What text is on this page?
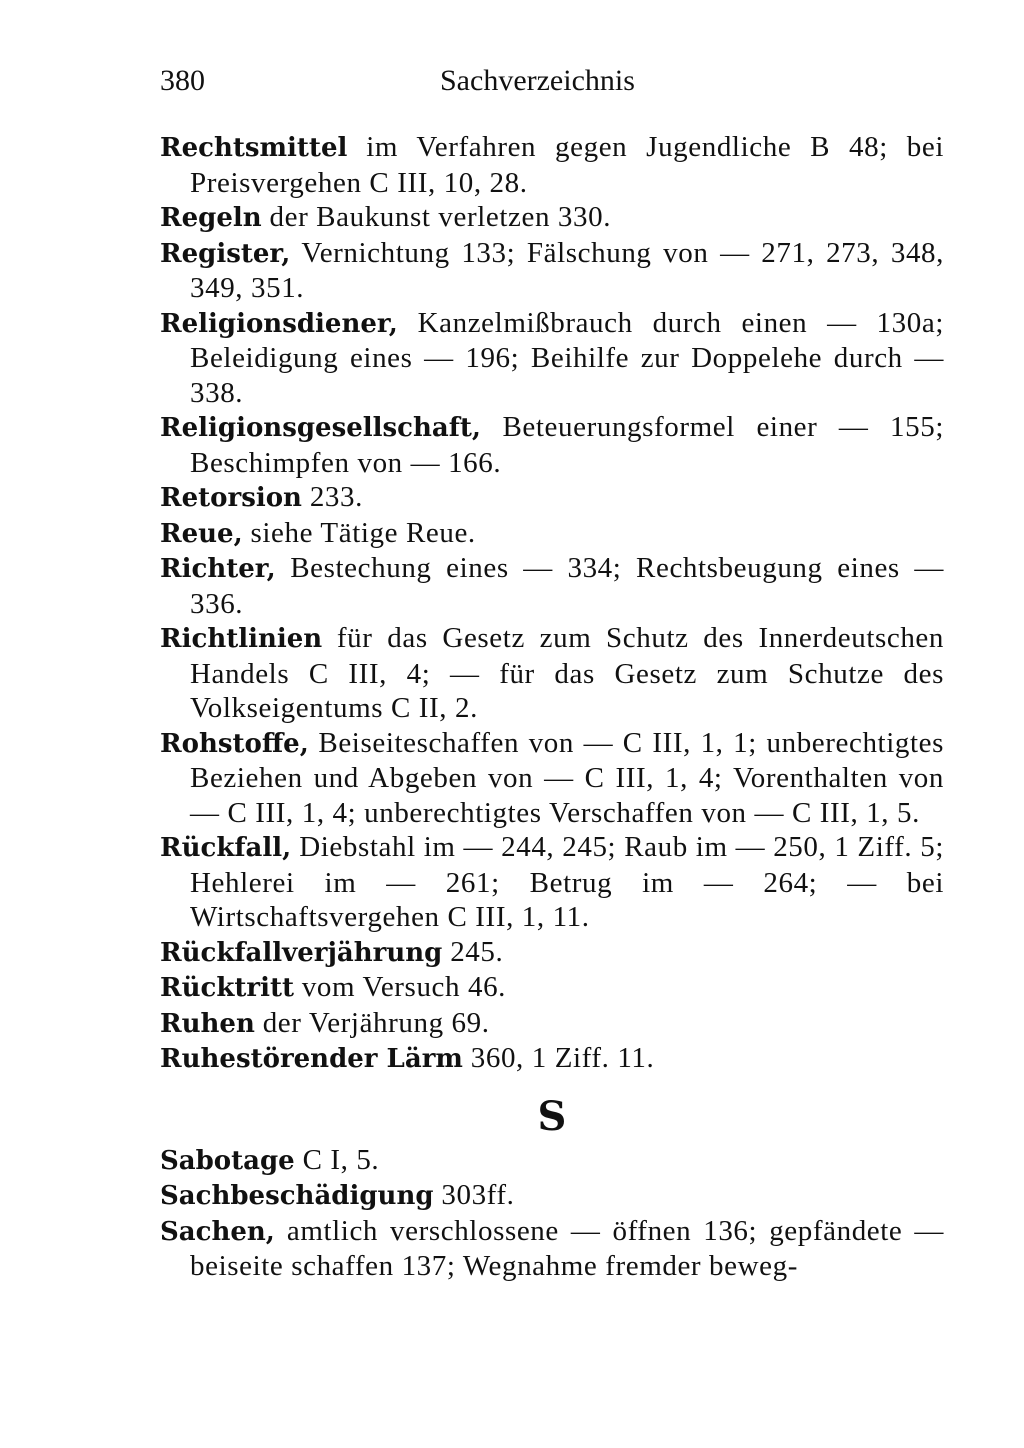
380	Sachverzeichnis
Rechtsmittel im Verfahren gegen Jugendliche B 48; bei Preisvergehen C III, 10, 28.
Regeln der Baukunst verletzen 330.
Register, Vernichtung 133; Fälschung von — 271, 273, 348, 349, 351.
Religionsdiener, Kanzelmißbrauch durch einen — 130a; Beleidigung eines — 196; Beihilfe zur Doppelehe durch — 338.
Religionsgesellschaft, Beteuerungsformel einer — 155; Beschimpfen von — 166.
Retorsion 233.
Reue, siehe Tätige Reue.
Richter, Bestechung eines — 334; Rechtsbeugung eines — 336.
Richtlinien für das Gesetz zum Schutz des Innerdeutschen Handels C III, 4; — für das Gesetz zum Schutze des Volkseigentums C II, 2.
Rohstoffe, Beiseiteschaffen von — C III, 1, 1; unberechtigtes Beziehen und Abgeben von — C III, 1, 4; Vorenthalten von — C III, 1, 4; unberechtigtes Verschaffen von — C III, 1, 5.
Rückfall, Diebstahl im — 244, 245; Raub im — 250, 1 Ziff. 5; Hehlerei im — 261; Betrug im — 264; — bei Wirtschaftsvergehen C III, 1, 11.
Rückfallverjährung 245.
Rücktritt vom Versuch 46.
Ruhen der Verjährung 69.
Ruhestörender Lärm 360, 1 Ziff. 11.
S
Sabotage C I, 5.
Sachbeschädigung 303ff.
Sachen, amtlich verschlossene — öffnen 136; gepfändete — beiseite schaffen 137; Wegnahme fremder beweg-
